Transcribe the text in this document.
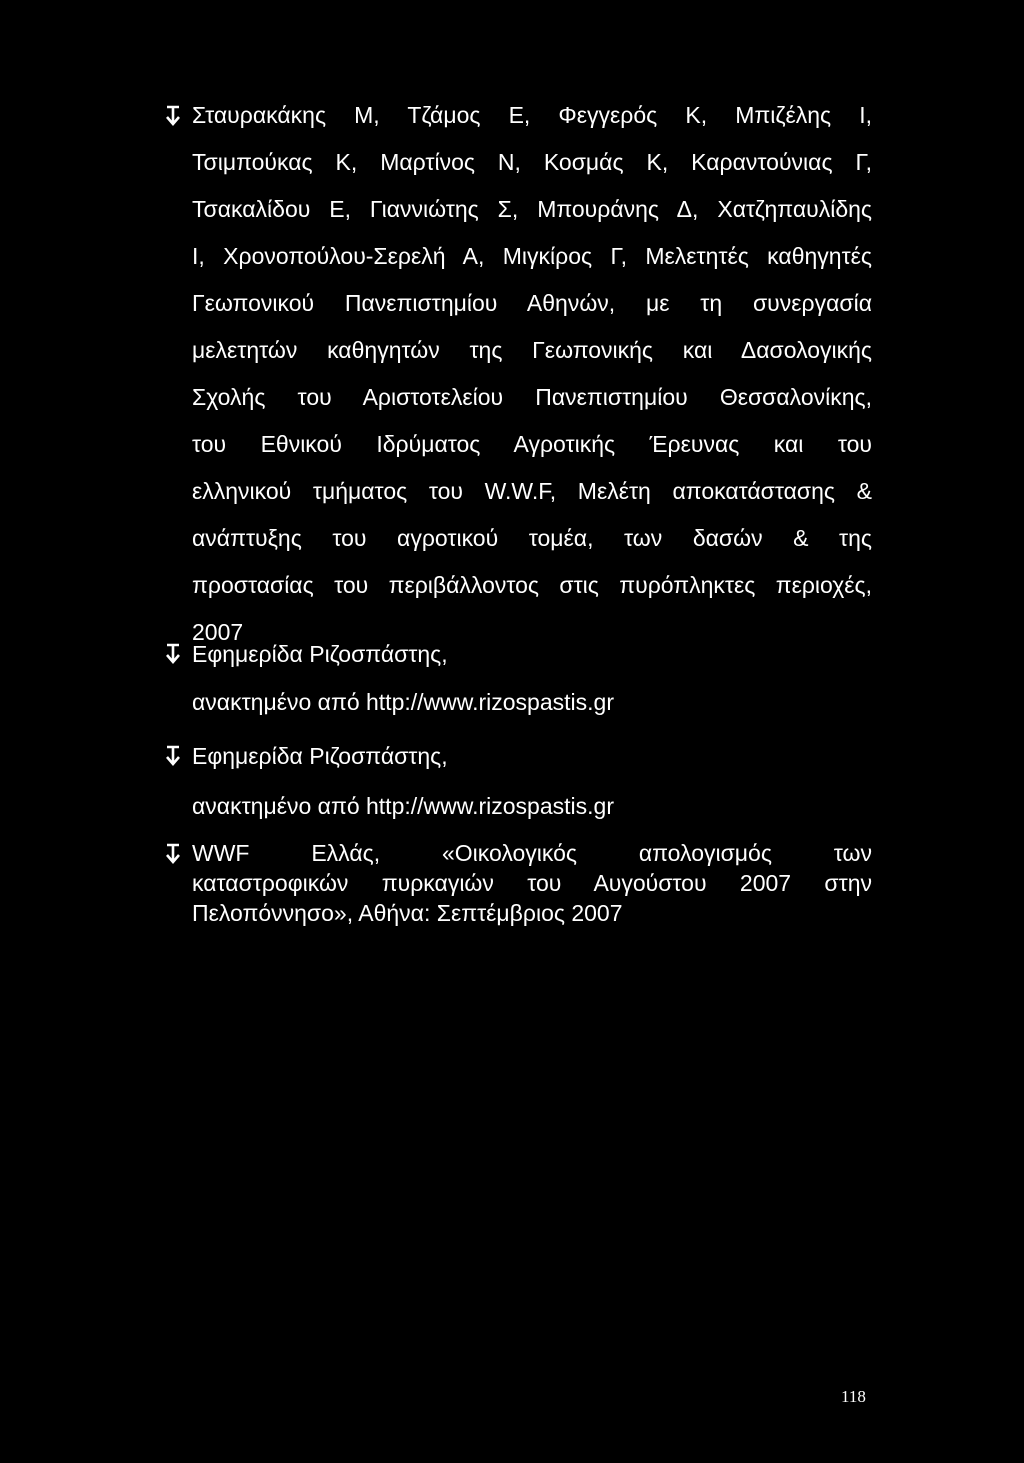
Σταυρακάκης Μ, Τζάμος Ε, Φεγγερός Κ, Μπιζέλης Ι,
Τσιμπούκας Κ, Μαρτίνος Ν, Κοσμάς Κ, Καραντούνιας Γ,
Τσακαλίδου Ε, Γιαννιώτης Σ, Μπουράνης Δ, Χατζηπαυλίδης
Ι, Χρονοπούλου-Σερελή Α, Μιγκίρος Γ, Μελετητές καθηγητές
Γεωπονικού Πανεπιστημίου Αθηνών, με τη συνεργασία
μελετητών καθηγητών της Γεωπονικής και Δασολογικής
Σχολής του Αριστοτελείου Πανεπιστημίου Θεσσαλονίκης,
του Εθνικού Ιδρύματος Αγροτικής Έρευνας και του
ελληνικού τμήματος του W.W.F, Μελέτη αποκατάστασης &
ανάπτυξης του αγροτικού τομέα, των δασών & της
προστασίας του περιβάλλοντος στις πυρόπληκτες περιοχές,
2007
Εφημερίδα Ριζοσπάστης,
ανακτημένο από http://www.rizospastis.gr
Εφημερίδα Ριζοσπάστης,
ανακτημένο από http://www.rizospastis.gr
WWF Ελλάς, «Οικολογικός απολογισμός των
καταστροφικών πυρκαγιών του Αυγούστου 2007 στην
Πελοπόννησο», Αθήνα: Σεπτέμβριος 2007
118
